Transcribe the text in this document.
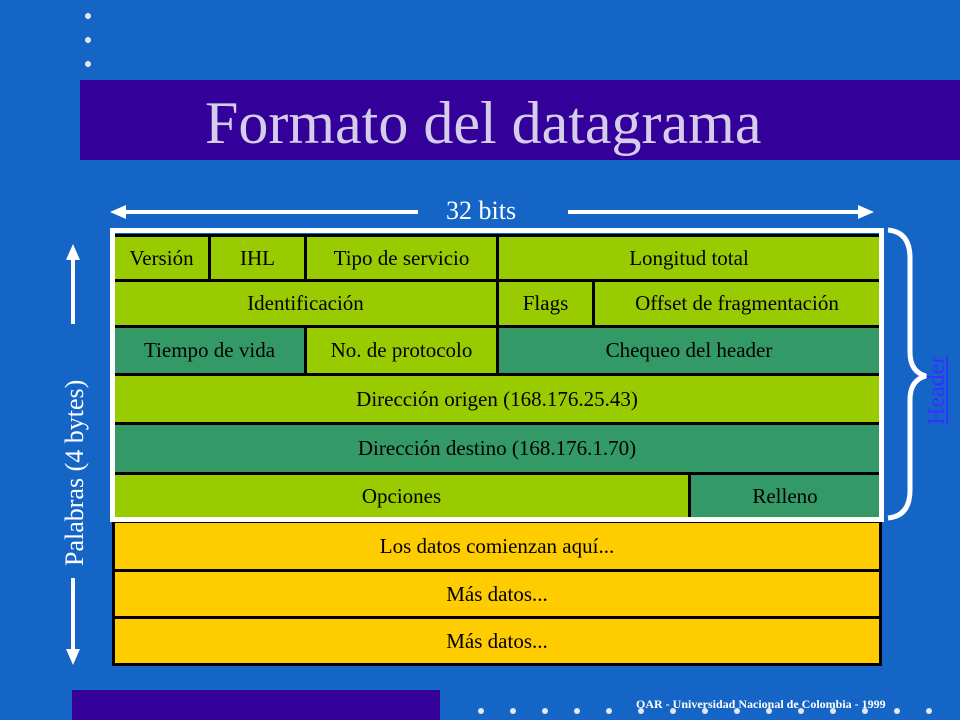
Formato del datagrama
32 bits
Palabras (4 bytes)	Header
Versión	IHL	Tipo de servicio	Longitud total
Identificación	Flags	Offset de fragmentación
Tiempo de vida	No. de protocolo	Chequeo del header
Dirección origen (168.176.25.43)
Dirección destino (168.176.1.70)
Opciones	Relleno
Los datos comienzan aquí...
Más datos...
Más datos...
OAR - Universidad Nacional de Colombia - 1999
